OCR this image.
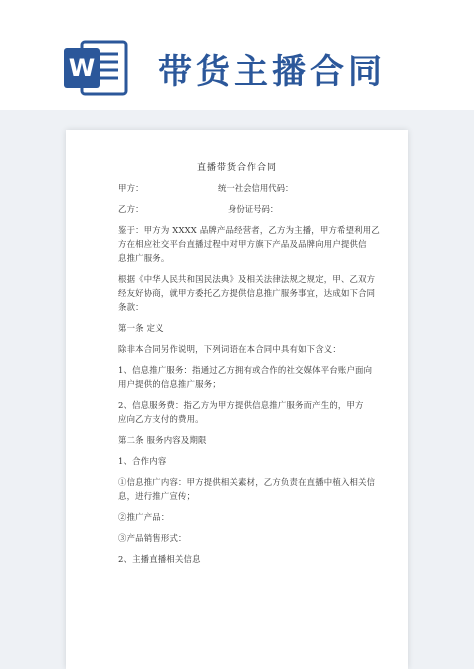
W 带货主播合同
直播带货合作合同
甲方：	统一社会信用代码：
乙方：	身份证号码：
鉴于：甲方为 XXXX 品牌产品经营者，乙方为主播，甲方希望利用乙
方在相应社交平台直播过程中对甲方旗下产品及品牌向用户提供信
息推广服务。
根据《中华人民共和国民法典》及相关法律法规之规定，甲、乙双方
经友好协商，就甲方委托乙方提供信息推广服务事宜，达成如下合同
条款：
第一条 定义
除非本合同另作说明，下列词语在本合同中具有如下含义：
1、信息推广服务：指通过乙方拥有或合作的社交媒体平台账户面向
用户提供的信息推广服务；
2、信息服务费：指乙方为甲方提供信息推广服务而产生的，甲方
应向乙方支付的费用。
第二条 服务内容及期限
1、合作内容
①信息推广内容：甲方提供相关素材，乙方负责在直播中植入相关信
息，进行推广宣传；
②推广产品：
③产品销售形式：
2、主播直播相关信息
